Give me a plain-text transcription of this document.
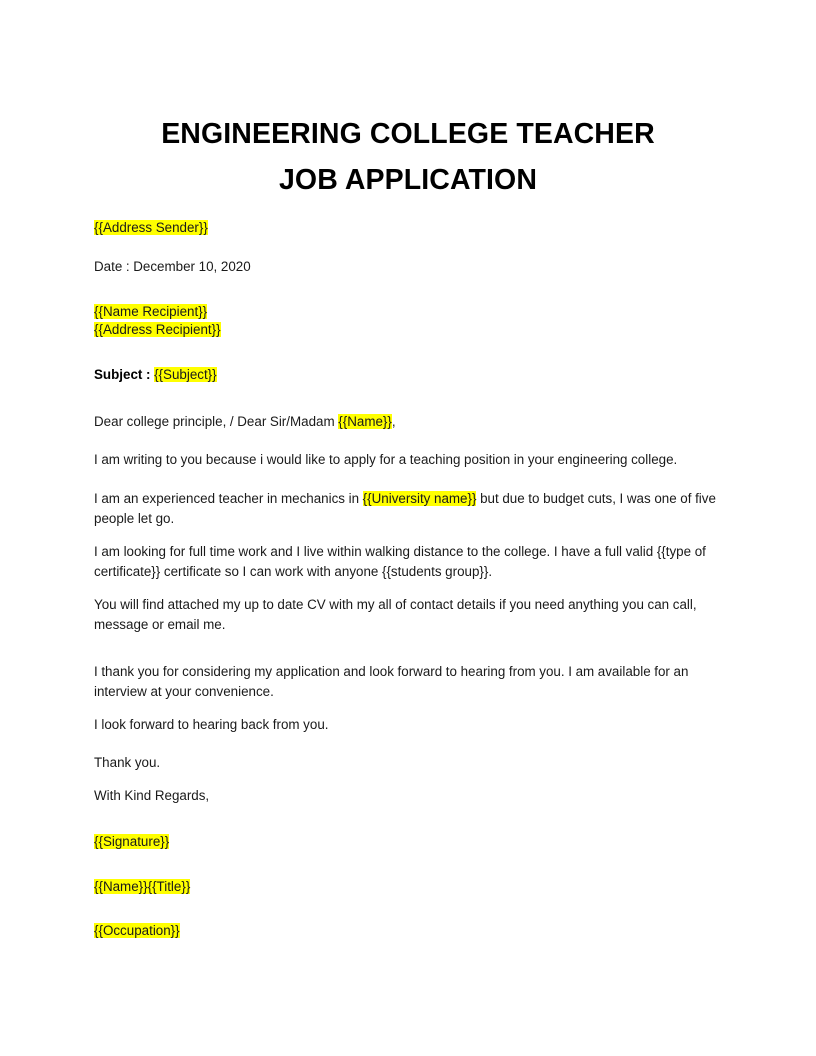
ENGINEERING COLLEGE TEACHER
JOB APPLICATION

{{Address Sender}}

Date : December 10, 2020

{{Name Recipient}}
{{Address Recipient}}

Subject : {{Subject}}

Dear college principle, / Dear Sir/Madam {{Name}},

I am writing to you because i would like to apply for a teaching position in your engineering college.

I am an experienced teacher in mechanics in {{University name}} but due to budget cuts, I was one of five people let go.

I am looking for full time work and I live within walking distance to the college. I have a full valid {{type of certificate}} certificate so I can work with anyone {{students group}}.

You will find attached my up to date CV with my all of contact details if you need anything you can call, message or email me.

I thank you for considering my application and look forward to hearing from you. I am available for an interview at your convenience.

I look forward to hearing back from you.

Thank you.

With Kind Regards,

{{Signature}}

{{Name}}{{Title}}

{{Occupation}}
